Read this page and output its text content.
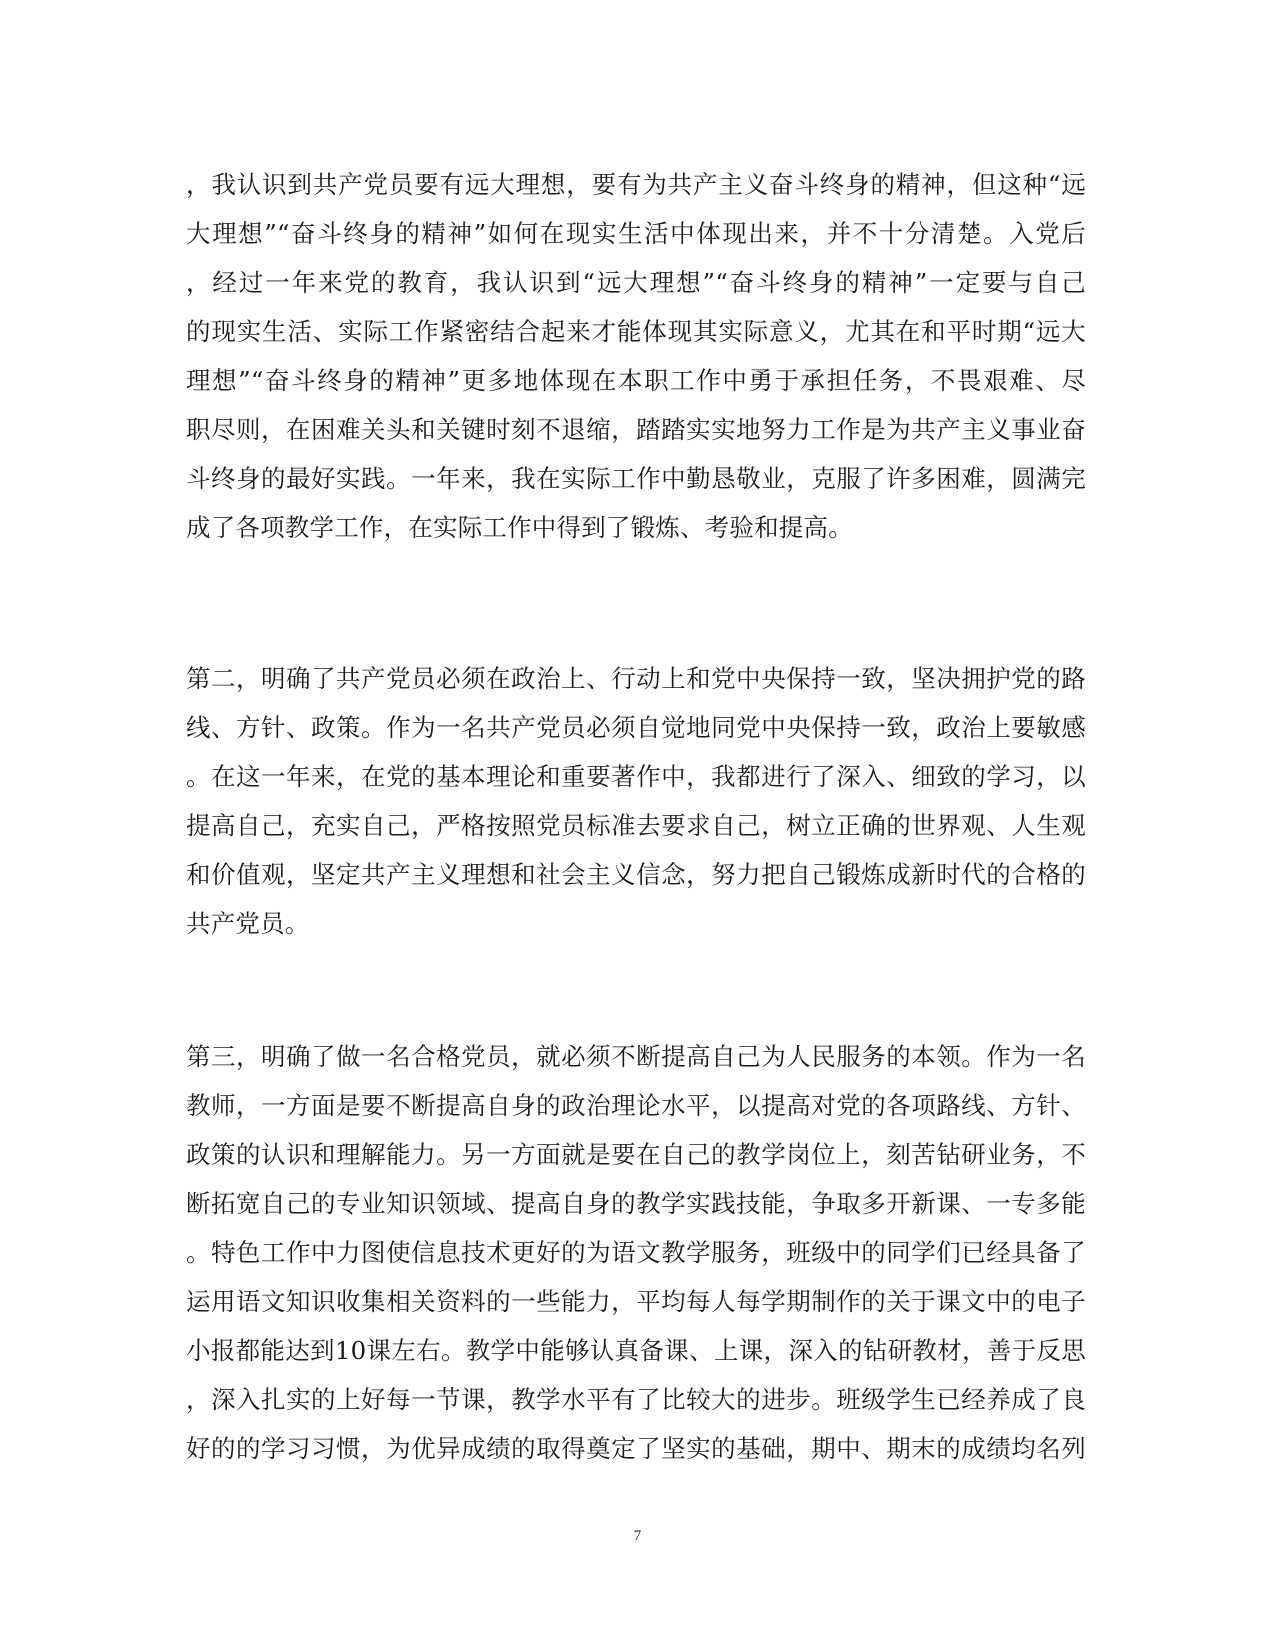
，我认识到共产党员要有远大理想，要有为共产主义奋斗终身的精神，但这种“远
大理想”“奋斗终身的精神”如何在现实生活中体现出来，并不十分清楚。入党后
，经过一年来党的教育，我认识到“远大理想”“奋斗终身的精神”一定要与自己
的现实生活、实际工作紧密结合起来才能体现其实际意义，尤其在和平时期“远大
理想”“奋斗终身的精神”更多地体现在本职工作中勇于承担任务，不畏艰难、尽
职尽则，在困难关头和关键时刻不退缩，踏踏实实地努力工作是为共产主义事业奋
斗终身的最好实践。一年来，我在实际工作中勤恳敬业，克服了许多困难，圆满完
成了各项教学工作，在实际工作中得到了锻炼、考验和提高。
第二，明确了共产党员必须在政治上、行动上和党中央保持一致，坚决拥护党的路
线、方针、政策。作为一名共产党员必须自觉地同党中央保持一致，政治上要敏感
。在这一年来，在党的基本理论和重要著作中，我都进行了深入、细致的学习，以
提高自己，充实自己，严格按照党员标准去要求自己，树立正确的世界观、人生观
和价值观，坚定共产主义理想和社会主义信念，努力把自己锻炼成新时代的合格的
共产党员。
第三，明确了做一名合格党员，就必须不断提高自己为人民服务的本领。作为一名
教师，一方面是要不断提高自身的政治理论水平，以提高对党的各项路线、方针、
政策的认识和理解能力。另一方面就是要在自己的教学岗位上，刻苦钻研业务，不
断拓宽自己的专业知识领域、提高自身的教学实践技能，争取多开新课、一专多能
。特色工作中力图使信息技术更好的为语文教学服务，班级中的同学们已经具备了
运用语文知识收集相关资料的一些能力，平均每人每学期制作的关于课文中的电子
小报都能达到10课左右。教学中能够认真备课、上课，深入的钻研教材，善于反思
，深入扎实的上好每一节课，教学水平有了比较大的进步。班级学生已经养成了良
好的的学习习惯，为优异成绩的取得奠定了坚实的基础，期中、期末的成绩均名列
7
